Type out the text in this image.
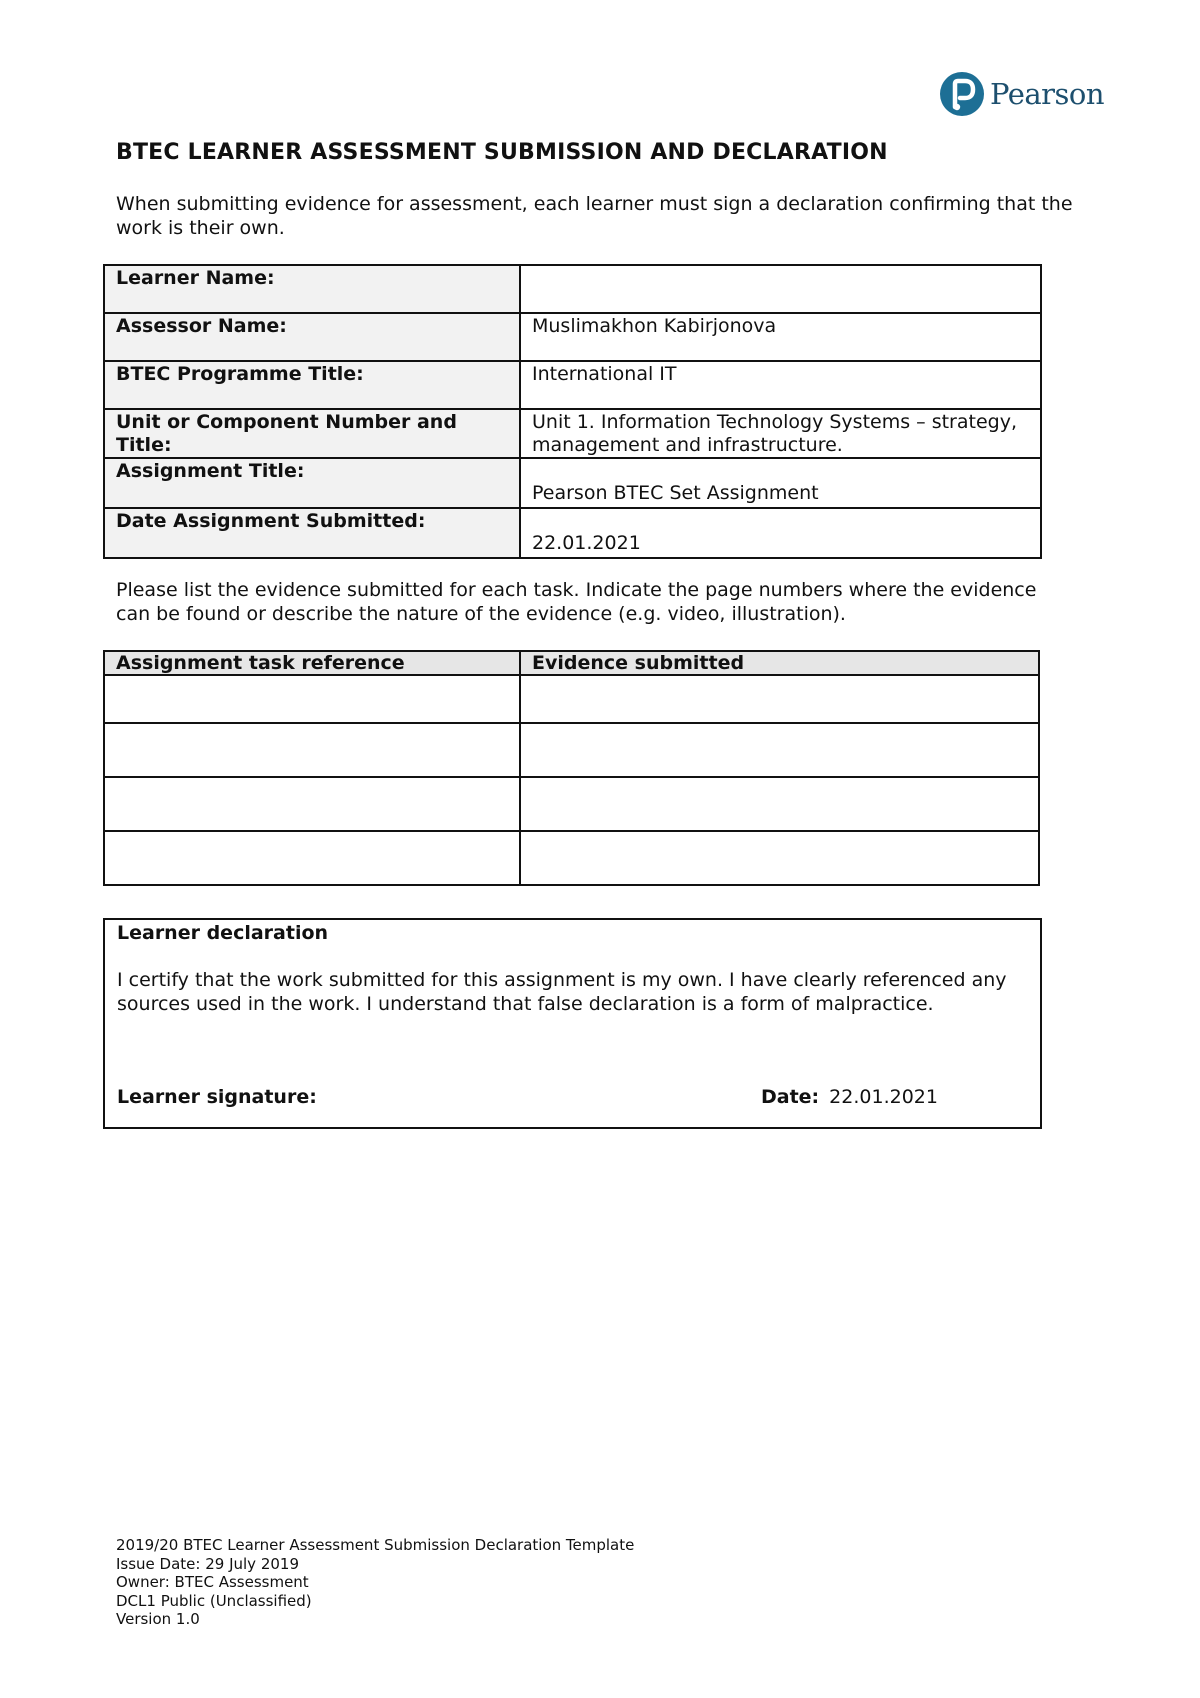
Pearson
BTEC LEARNER ASSESSMENT SUBMISSION AND DECLARATION

When submitting evidence for assessment, each learner must sign a declaration confirming that the work is their own.

Learner Name:	
Assessor Name:	Muslimakhon Kabirjonova
BTEC Programme Title:	International IT
Unit or Component Number and Title:	Unit 1. Information Technology Systems – strategy, management and infrastructure.
Assignment Title:	Pearson BTEC Set Assignment
Date Assignment Submitted:	22.01.2021

Please list the evidence submitted for each task. Indicate the page numbers where the evidence can be found or describe the nature of the evidence (e.g. video, illustration).

Assignment task reference	Evidence submitted

Learner declaration

I certify that the work submitted for this assignment is my own. I have clearly referenced any sources used in the work. I understand that false declaration is a form of malpractice.

Learner signature:	Date: 22.01.2021
2019/20 BTEC Learner Assessment Submission Declaration Template
Issue Date: 29 July 2019
Owner: BTEC Assessment
DCL1 Public (Unclassified)
Version 1.0
